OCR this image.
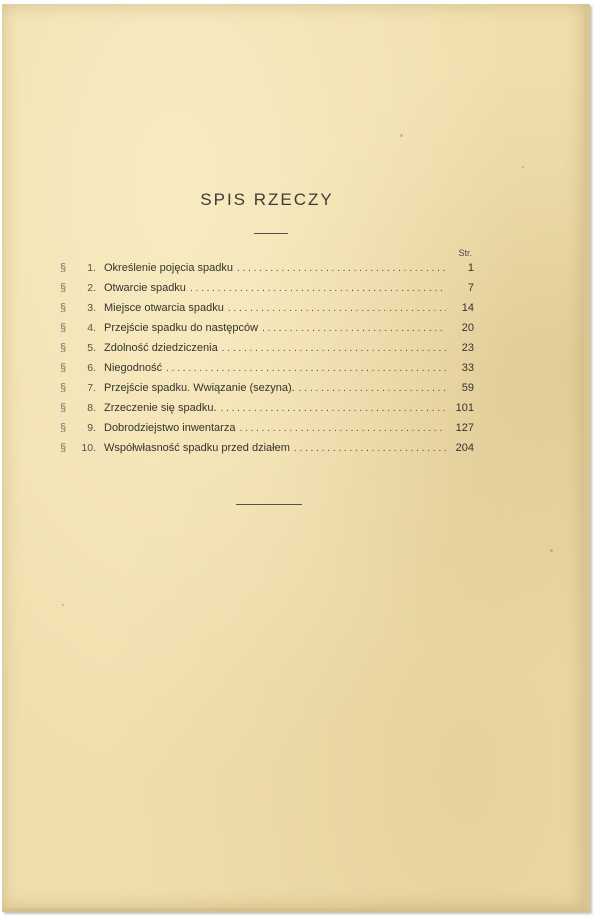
SPIS RZECZY
Str.
§	1. Określenie pojęcia spadku . . .	1
§	2. Otwarcie spadku . . .	7
§	3. Miejsce otwarcia spadku . . .	14
§	4. Przejście spadku do następców . . .	20
§	5. Zdolność dziedziczenia . . .	23
§	6. Niegodność . . .	33
§	7. Przejście spadku. Wwiązanie (sezyna). . . .	59
§	8. Zrzeczenie się spadku. . . .	101
§	9. Dobrodziejstwo inwentarza . . .	127
§	10. Współwłasność spadku przed działem . . .	204
